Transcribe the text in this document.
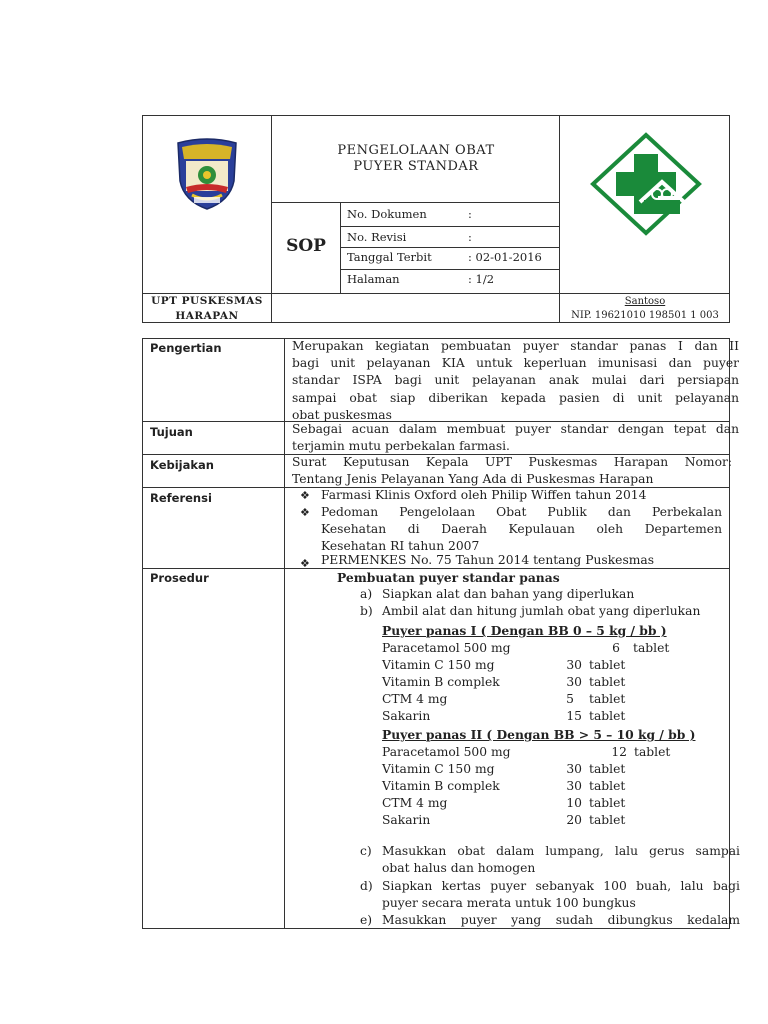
PENGELOLAAN OBAT
PUYER STANDAR
SOP
No. Dokumen	:
No. Revisi	:
Tanggal Terbit	: 02-01-2016
Halaman	: 1/2
UPT PUSKESMAS
HARAPAN
Santoso
NIP. 19621010 198501 1 003
Pengertian	Merupakan kegiatan pembuatan puyer standar panas I dan II
bagi unit pelayanan KIA untuk keperluan imunisasi dan puyer
standar ISPA bagi unit pelayanan anak mulai dari persiapan
sampai obat siap diberikan kepada pasien di unit pelayanan
obat puskesmas
Tujuan	Sebagai acuan dalam membuat puyer standar dengan tepat dan
terjamin mutu perbekalan farmasi.
Kebijakan	Surat Keputusan Kepala UPT Puskesmas Harapan Nomor:
Tentang Jenis Pelayanan Yang Ada di Puskesmas Harapan
Referensi	❖ Farmasi Klinis Oxford oleh Philip Wiffen tahun 2014
❖ Pedoman Pengelolaan Obat Publik dan Perbekalan
Kesehatan di Daerah Kepulauan oleh Departemen
Kesehatan RI tahun 2007
❖ PERMENKES No. 75 Tahun 2014 tentang Puskesmas
Prosedur	Pembuatan puyer standar panas
a) Siapkan alat dan bahan yang diperlukan
b) Ambil alat dan hitung jumlah obat yang diperlukan
Puyer panas I ( Dengan BB 0 – 5 kg / bb )
Paracetamol 500 mg	6 tablet
Vitamin C 150 mg	30 tablet
Vitamin B complek	30 tablet
CTM 4 mg	5 tablet
Sakarin	15 tablet
Puyer panas II ( Dengan BB > 5 – 10 kg / bb )
Paracetamol 500 mg	12 tablet
Vitamin C 150 mg	30 tablet
Vitamin B complek	30 tablet
CTM 4 mg	10 tablet
Sakarin	20 tablet
c) Masukkan obat dalam lumpang, lalu gerus sampai
obat halus dan homogen
d) Siapkan kertas puyer sebanyak 100 buah, lalu bagi
puyer secara merata untuk 100 bungkus
e) Masukkan puyer yang sudah dibungkus kedalam
